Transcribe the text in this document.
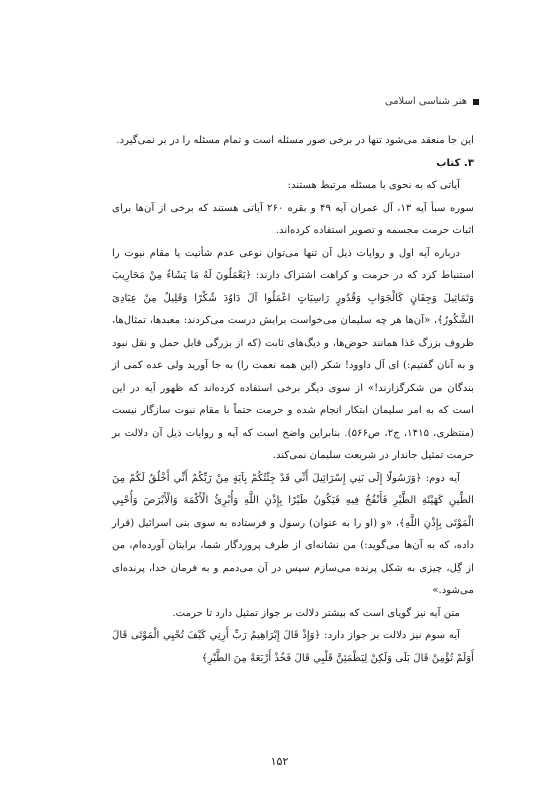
هنر شناسی اسلامی

این جا منعقد می‌شود تنها در برخی صور مسئله است و تمام مسئله را در بر نمی‌گیرد.

۳. کتاب

آیاتی که به نحوی با مسئله مرتبط هستند:

سوره سبأ آیه ۱۳، آل عمران آیه ۴۹ و بقره ۲۶۰ آیاتی هستند که برخی از آن‌ها برای اثبات حرمت مجسمه و تصویر استفاده کرده‌اند.

درباره آیه اول و روایات ذیل آن تنها می‌توان نوعی عدم شأنیت یا مقام نبوت را استنباط کرد که در حرمت و کراهت اشتراک دارند: ﴿یَعْمَلُونَ لَهُ مَا یَشَاءُ مِنْ مَحَارِیبَ وَتَمَاثِیلَ وَجِفَانٍ کَالْجَوَابِ وَقُدُورٍ رَاسِیَاتٍ اعْمَلُوا آلَ دَاوُدَ شُکْرًا وَقَلِیلٌ مِنْ عِبَادِیَ الشَّکُورُ﴾، «آن‌ها هر چه سلیمان می‌خواست برایش درست می‌کردند: معبدها، تمثال‌ها، ظروف بزرگ غذا همانند حوض‌ها، و دیگ‌های ثابت (که از بزرگی قابل حمل و نقل نبود و به آنان گفتیم:) ای آل داوود! شکر (این همه نعمت را) به جا آورید ولی عده کمی از بندگان من شکرگزارند!» از سوی دیگر برخی استفاده کرده‌اند که ظهور آیه در این است که به امر سلیمان ابتکار انجام شده و حرمت حتماً با مقام نبوت سازگار نیست (منتظری، ۱۴۱۵، ج۲، ص۵۶۶). بنابراین واضح است که آیه و روایات ذیل آن دلالت بر حرمت تمثیل جاندار در شریعت سلیمان نمی‌کند.

آیه دوم: ﴿وَرَسُولًا إِلَى بَنِي إِسْرَائِيلَ أَنِّي قَدْ جِئْتُكُمْ بِآيَةٍ مِنْ رَبِّكُمْ أَنِّي أَخْلُقُ لَكُمْ مِنَ الطِّينِ كَهَيْئَةِ الطَّيْرِ فَأَنْفُخُ فِيهِ فَيَكُونُ طَيْرًا بِإِذْنِ اللَّهِ وَأُبْرِئُ الْأَكْمَهَ وَالْأَبْرَصَ وَأُحْيِي الْمَوْتَى بِإِذْنِ اللَّهِ﴾، «و (او را به عنوان) رسول و فرستاده به سوی بنی اسرائیل (قرار داده، که به آن‌ها می‌گوید:) من نشانه‌ای از طرف پروردگار شما، برایتان آورده‌ام، من از گِل، چیزی به شکل پرنده می‌سازم سپس در آن می‌دمم و به فرمان خدا، پرنده‌ای می‌شود.»

متن آیه نیز گویای است که بیشتر دلالت بر جواز تمثیل دارد تا حرمت.

آیه سوم نیز دلالت بر جواز دارد: ﴿وَإِذْ قَالَ إِبْرَاهِيمُ رَبِّ أَرِنِي كَيْفَ تُحْيِي الْمَوْتَى قَالَ أَوَلَمْ تُؤْمِنْ قَالَ بَلَى وَلَكِنْ لِيَطْمَئِنَّ قَلْبِي قَالَ فَخُذْ أَرْبَعَةً مِنَ الطَّيْرِ﴾

۱۵۲
